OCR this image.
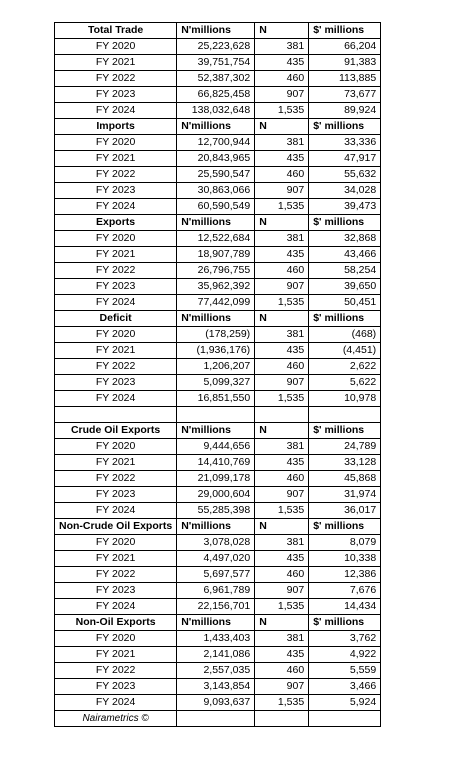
Total Trade	N'millions	N	$' millions
FY 2020	25,223,628	381	66,204
FY 2021	39,751,754	435	91,383
FY 2022	52,387,302	460	113,885
FY 2023	66,825,458	907	73,677
FY 2024	138,032,648	1,535	89,924
Imports	N'millions	N	$' millions
FY 2020	12,700,944	381	33,336
FY 2021	20,843,965	435	47,917
FY 2022	25,590,547	460	55,632
FY 2023	30,863,066	907	34,028
FY 2024	60,590,549	1,535	39,473
Exports	N'millions	N	$' millions
FY 2020	12,522,684	381	32,868
FY 2021	18,907,789	435	43,466
FY 2022	26,796,755	460	58,254
FY 2023	35,962,392	907	39,650
FY 2024	77,442,099	1,535	50,451
Deficit	N'millions	N	$' millions
FY 2020	(178,259)	381	(468)
FY 2021	(1,936,176)	435	(4,451)
FY 2022	1,206,207	460	2,622
FY 2023	5,099,327	907	5,622
FY 2024	16,851,550	1,535	10,978

Crude Oil Exports	N'millions	N	$' millions
FY 2020	9,444,656	381	24,789
FY 2021	14,410,769	435	33,128
FY 2022	21,099,178	460	45,868
FY 2023	29,000,604	907	31,974
FY 2024	55,285,398	1,535	36,017
Non-Crude Oil Exports	N'millions	N	$' millions
FY 2020	3,078,028	381	8,079
FY 2021	4,497,020	435	10,338
FY 2022	5,697,577	460	12,386
FY 2023	6,961,789	907	7,676
FY 2024	22,156,701	1,535	14,434
Non-Oil Exports	N'millions	N	$' millions
FY 2020	1,433,403	381	3,762
FY 2021	2,141,086	435	4,922
FY 2022	2,557,035	460	5,559
FY 2023	3,143,854	907	3,466
FY 2024	9,093,637	1,535	5,924
Nairametrics ©			
